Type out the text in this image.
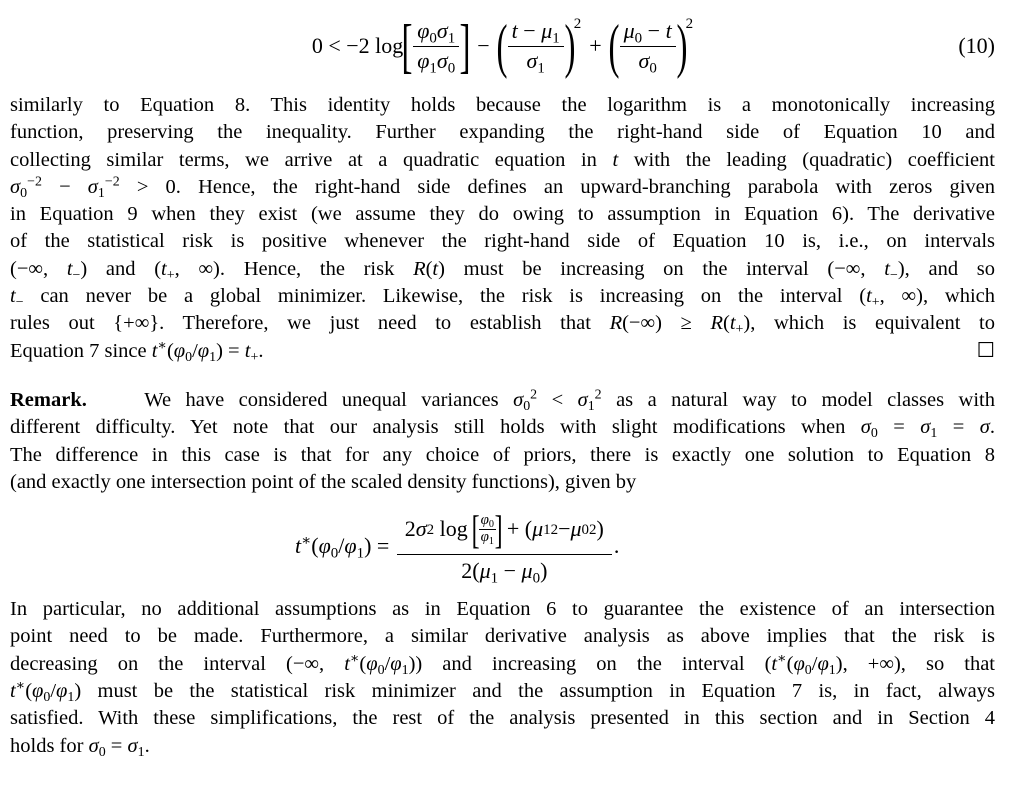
0 < −2 log
[ $\frac{\varphi_0\sigma_1}{\varphi_1\sigma_0}$ ] − ( $\frac{t - \mu_1}{\sigma_1}$ )
2
+ ( $\frac{\mu_0 - t}{\sigma_0}$ )
2
(10)

similarly to Equation 8. This identity holds because the logarithm is a monotonically increasing
function, preserving the inequality. Further expanding the right-hand side of Equation 10 and
collecting similar terms, we arrive at a quadratic equation in t with the leading (quadratic) coefficient
$\sigma_0^{-2} - \sigma_1^{-2} > 0$. Hence, the right-hand side defines an upward-branching parabola with zeros given
in Equation 9 when they exist (we assume they do owing to assumption in Equation 6). The derivative
of the statistical risk is positive whenever the right-hand side of Equation 10 is, i.e., on intervals
(−∞, $t_-$) and ($t_+$, ∞). Hence, the risk R(t) must be increasing on the interval (−∞, $t_-$), and so
$t_-$ can never be a global minimizer. Likewise, the risk is increasing on the interval ($t_+$, ∞), which
rules out {+∞}. Therefore, we just need to establish that $R(-\infty) \ge R(t_+)$, which is equivalent to
Equation 7 since $t^∗(\varphi_0/\varphi_1) = t_+$.	☐

Remark.    We have considered unequal variances $\sigma_0^2 < \sigma_1^2$ as a natural way to model classes with
different difficulty. Yet note that our analysis still holds with slight modifications when $\sigma_0 = \sigma_1 = \sigma$.
The difference in this case is that for any choice of priors, there is exactly one solution to Equation 8
(and exactly one intersection point of the scaled density functions), given by

$t^∗(\varphi_0/\varphi_1) = 2$ σ 2 log
[
$\frac{\varphi_0}{\varphi_1}$
]
+ ( μ 1 2 − μ 0 2 )
$2(\mu_1 - \mu_0)$ .

In particular, no additional assumptions as in Equation 6 to guarantee the existence of an intersection
point need to be made. Furthermore, a similar derivative analysis as above implies that the risk is
decreasing on the interval (−∞, $t^∗(\varphi_0/\varphi_1)$) and increasing on the interval ($t^∗(\varphi_0/\varphi_1)$, +∞), so that
$t^∗(\varphi_0/\varphi_1)$ must be the statistical risk minimizer and the assumption in Equation 7 is, in fact, always
satisfied. With these simplifications, the rest of the analysis presented in this section and in Section 4
holds for $\sigma_0 = \sigma_1$.
